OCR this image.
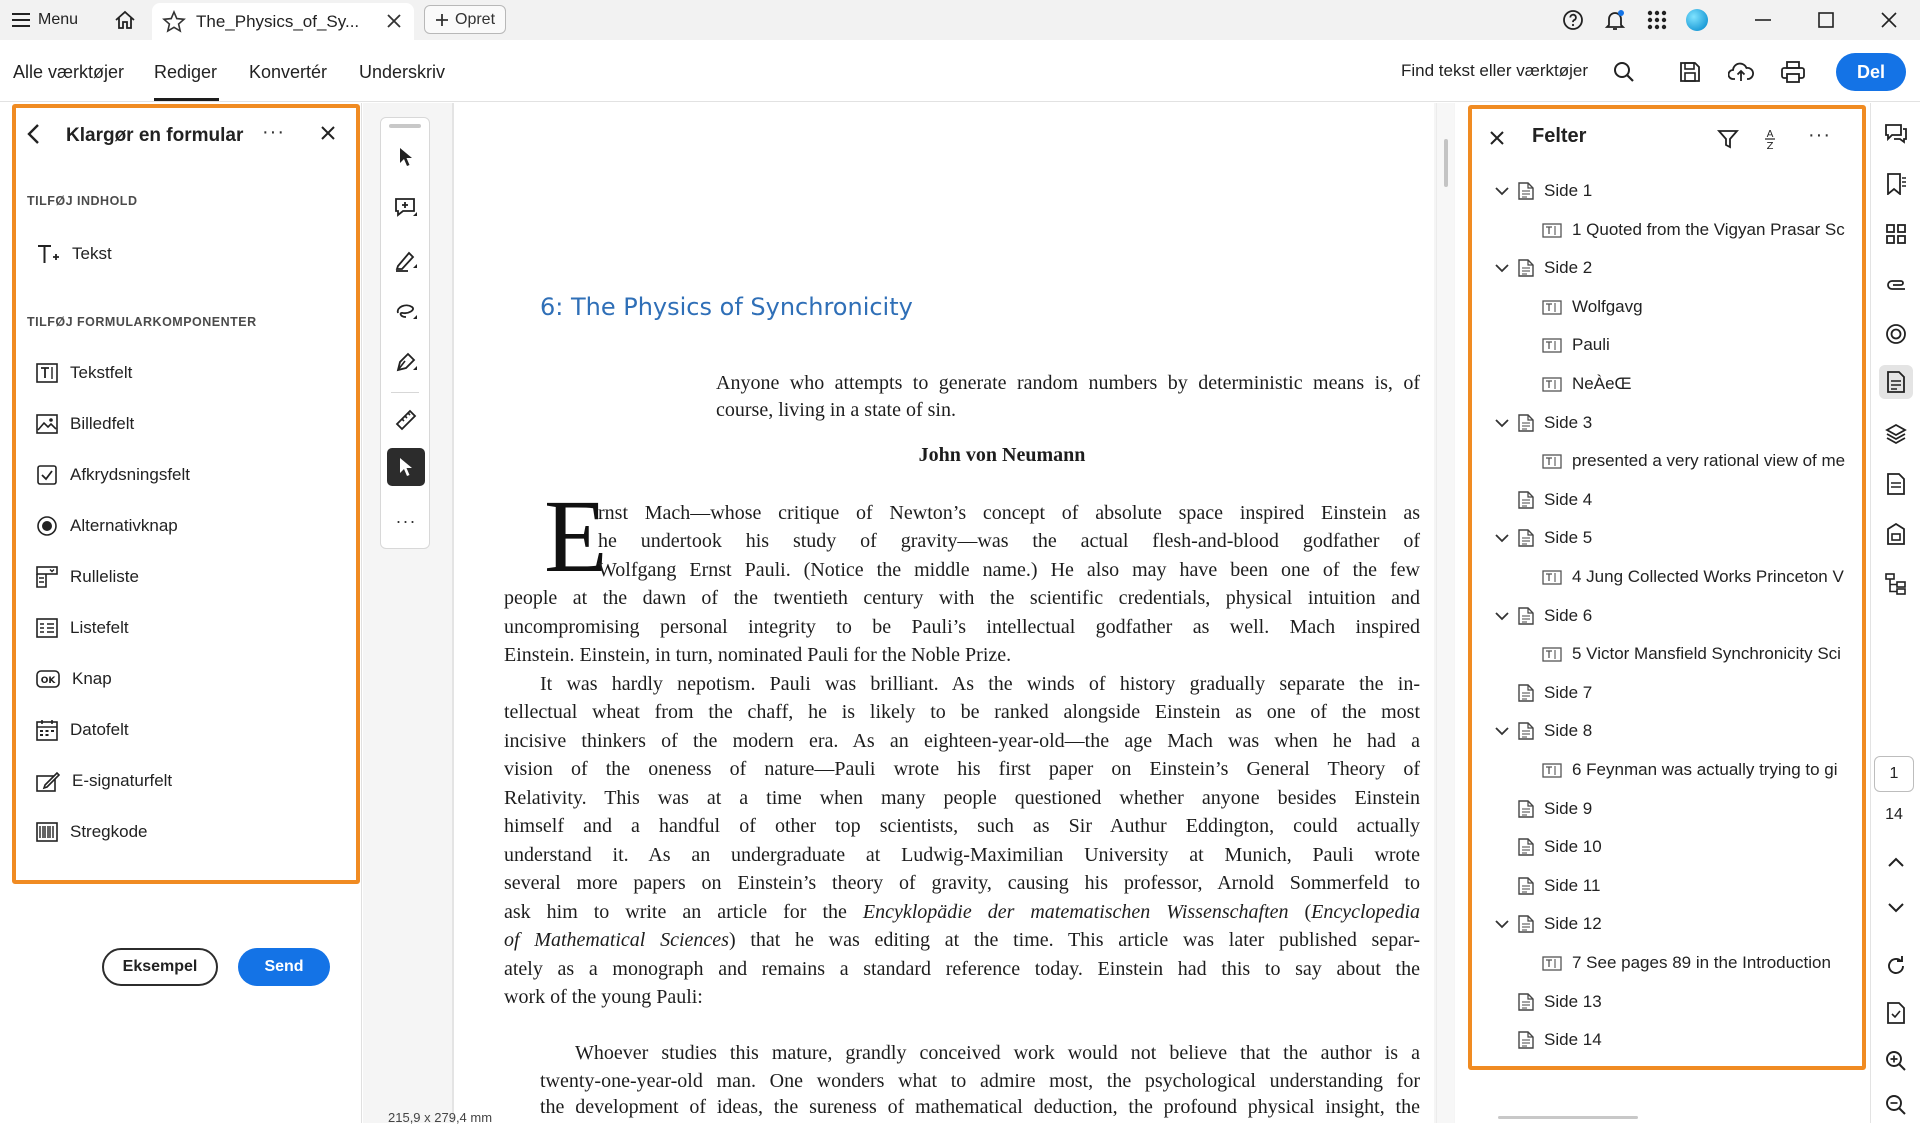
Menu	The_Physics_of_Sy...	Opret
Alle værktøjer Rediger Konvertér Underskriv	Find tekst eller værktøjer	Del
Klargør en formular ···
TILFØJ INDHOLD
Tekst
TILFØJ FORMULARKOMPONENTER
Tekstfelt
Billedfelt
Afkrydsningsfelt
Alternativknap
Rulleliste
Listefelt
OK Knap
Datofelt
E-signaturfelt
Stregkode
Eksempel	Send
···
6: The Physics of Synchronicity
Anyone who attempts to generate random numbers by deterministic means is, of course, living in a state of sin.
John von Neumann
E
rnst Mach—whose critique of Newton’s concept of absolute space inspired Einstein as
he undertook his study of gravity—was the actual flesh-and-blood godfather of
Wolfgang Ernst Pauli. (Notice the middle name.) He also may have been one of the few
people at the dawn of the twentieth century with the scientific credentials, physical intuition and
uncompromising personal integrity to be Pauli’s intellectual godfather as well. Mach inspired
Einstein. Einstein, in turn, nominated Pauli for the Noble Prize.
It was hardly nepotism. Pauli was brilliant. As the winds of history gradually separate the in-
tellectual wheat from the chaff, he is likely to be ranked alongside Einstein as one of the most
incisive thinkers of the modern era. As an eighteen-year-old—the age Mach was when he had a
vision of the oneness of nature—Pauli wrote his first paper on Einstein’s General Theory of
Relativity. This was at a time when many people questioned whether anyone besides Einstein
himself and a handful of other top scientists, such as Sir Authur Eddington, could actually
understand it. As an undergraduate at Ludwig-Maximilian University at Munich, Pauli wrote
several more papers on Einstein’s theory of gravity, causing his professor, Arnold Sommerfeld to
ask him to write an article for the Encyklopädie der matematischen Wissenschaften (Encyclopedia
of Mathematical Sciences) that he was editing at the time. This article was later published separ-
ately as a monograph and remains a standard reference today. Einstein had this to say about the
work of the young Pauli:
Whoever studies this mature, grandly conceived work would not believe that the author is a
twenty-one-year-old man. One wonders what to admire most, the psychological understanding for
the development of ideas, the sureness of mathematical deduction, the profound physical insight, the
215,9 x 279,4 mm
Felter	A
Z
···
Side 1
1 Quoted from the Vigyan Prasar Sc
Side 2
Wolfgavg
Pauli
NeÀeŒ
Side 3
presented a very rational view of me
Side 4
Side 5
4 Jung Collected Works Princeton V
Side 6
5 Victor Mansfield Synchronicity Sci
Side 7
Side 8
6 Feynman was actually trying to gi
Side 9
Side 10
Side 11
Side 12
7 See pages 89 in the Introduction
Side 13
Side 14
1
14
